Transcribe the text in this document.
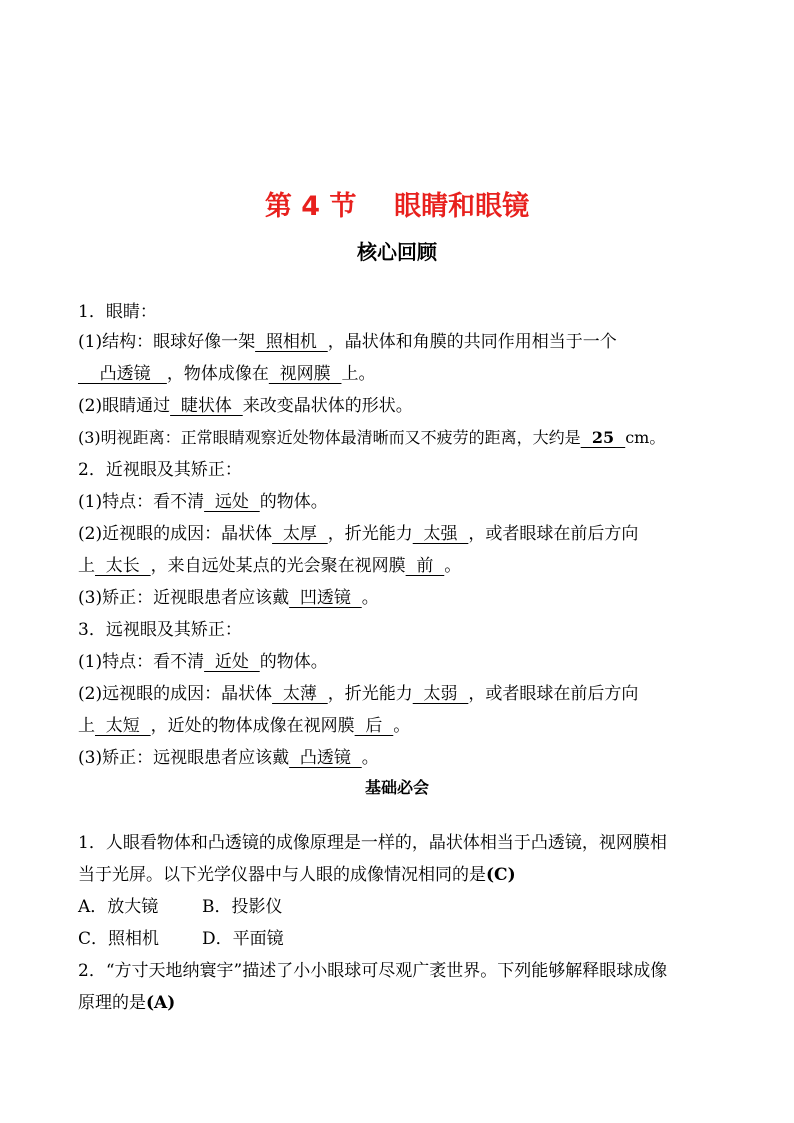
第 4 节    眼睛和眼镜
核心回顾
1．眼睛：
(1)结构：眼球好像一架  照相机  ，晶状体和角膜的共同作用相当于一个
凸透镜   ，物体成像在  视网膜  上。
(2)眼睛通过  睫状体  来改变晶状体的形状。
(3)明视距离：正常眼睛观察近处物体最清晰而又不疲劳的距离，大约是  25  cm。
2．近视眼及其矫正：
(1)特点：看不清  远处  的物体。
(2)近视眼的成因：晶状体  太厚  ，折光能力  太强  ，或者眼球在前后方向
上  太长  ，来自远处某点的光会聚在视网膜  前  。
(3)矫正：近视眼患者应该戴  凹透镜  。
3．远视眼及其矫正：
(1)特点：看不清  近处  的物体。
(2)远视眼的成因：晶状体  太薄  ，折光能力  太弱  ，或者眼球在前后方向
上  太短  ，近处的物体成像在视网膜  后  。
(3)矫正：远视眼患者应该戴  凸透镜  。
基础必会
1．人眼看物体和凸透镜的成像原理是一样的，晶状体相当于凸透镜，视网膜相
当于光屏。以下光学仪器中与人眼的成像情况相同的是(C)
A．放大镜	B．投影仪
C．照相机	D．平面镜
2．“方寸天地纳寰宇”描述了小小眼球可尽观广袤世界。下列能够解释眼球成像
原理的是(A)
